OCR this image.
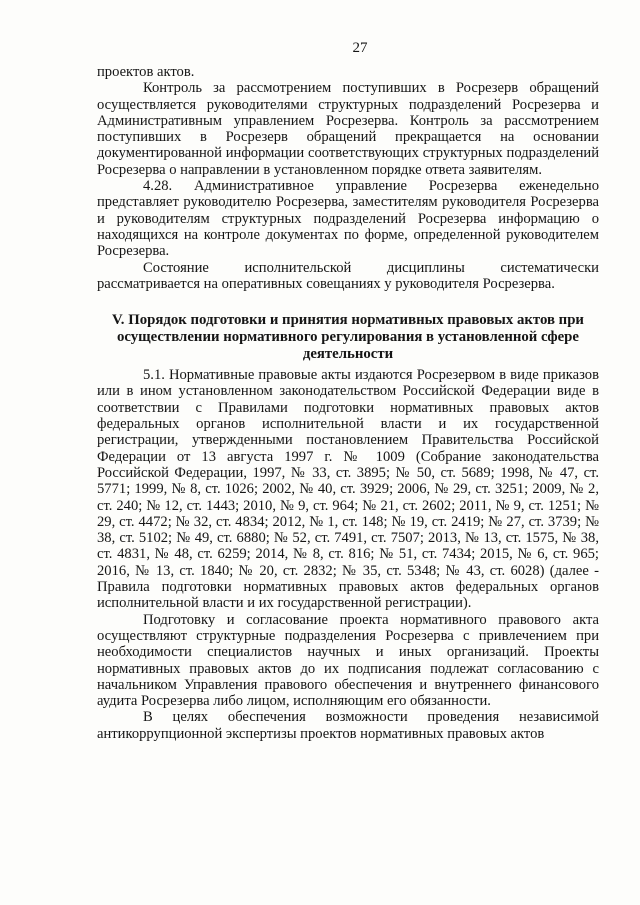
27

проектов актов.

Контроль за рассмотрением поступивших в Росрезерв обращений осуществляется руководителями структурных подразделений Росрезерва и Административным управлением Росрезерва. Контроль за рассмотрением поступивших в Росрезерв обращений прекращается на основании документированной информации соответствующих структурных подразделений Росрезерва о направлении в установленном порядке ответа заявителям.

4.28. Административное управление Росрезерва еженедельно представляет руководителю Росрезерва, заместителям руководителя Росрезерва и руководителям структурных подразделений Росрезерва информацию о находящихся на контроле документах по форме, определенной руководителем Росрезерва.

Состояние исполнительской дисциплины систематически рассматривается на оперативных совещаниях у руководителя Росрезерва.

V. Порядок подготовки и принятия нормативных правовых актов при осуществлении нормативного регулирования в установленной сфере деятельности

5.1. Нормативные правовые акты издаются Росрезервом в виде приказов или в ином установленном законодательством Российской Федерации виде в соответствии с Правилами подготовки нормативных правовых актов федеральных органов исполнительной власти и их государственной регистрации, утвержденными постановлением Правительства Российской Федерации от 13 августа 1997 г. № 1009 (Собрание законодательства Российской Федерации, 1997, № 33, ст. 3895; № 50, ст. 5689; 1998, № 47, ст. 5771; 1999, № 8, ст. 1026; 2002, № 40, ст. 3929; 2006, № 29, ст. 3251; 2009, № 2, ст. 240; № 12, ст. 1443; 2010, № 9, ст. 964; № 21, ст. 2602; 2011, № 9, ст. 1251; № 29, ст. 4472; № 32, ст. 4834; 2012, № 1, ст. 148; № 19, ст. 2419; № 27, ст. 3739; № 38, ст. 5102; № 49, ст. 6880; № 52, ст. 7491, ст. 7507; 2013, № 13, ст. 1575, № 38, ст. 4831, № 48, ст. 6259; 2014, № 8, ст. 816; № 51, ст. 7434; 2015, № 6, ст. 965; 2016, № 13, ст. 1840; № 20, ст. 2832; № 35, ст. 5348; № 43, ст. 6028) (далее - Правила подготовки нормативных правовых актов федеральных органов исполнительной власти и их государственной регистрации).

Подготовку и согласование проекта нормативного правового акта осуществляют структурные подразделения Росрезерва с привлечением при необходимости специалистов научных и иных организаций. Проекты нормативных правовых актов до их подписания подлежат согласованию с начальником Управления правового обеспечения и внутреннего финансового аудита Росрезерва либо лицом, исполняющим его обязанности.

В целях обеспечения возможности проведения независимой антикоррупционной экспертизы проектов нормативных правовых актов
